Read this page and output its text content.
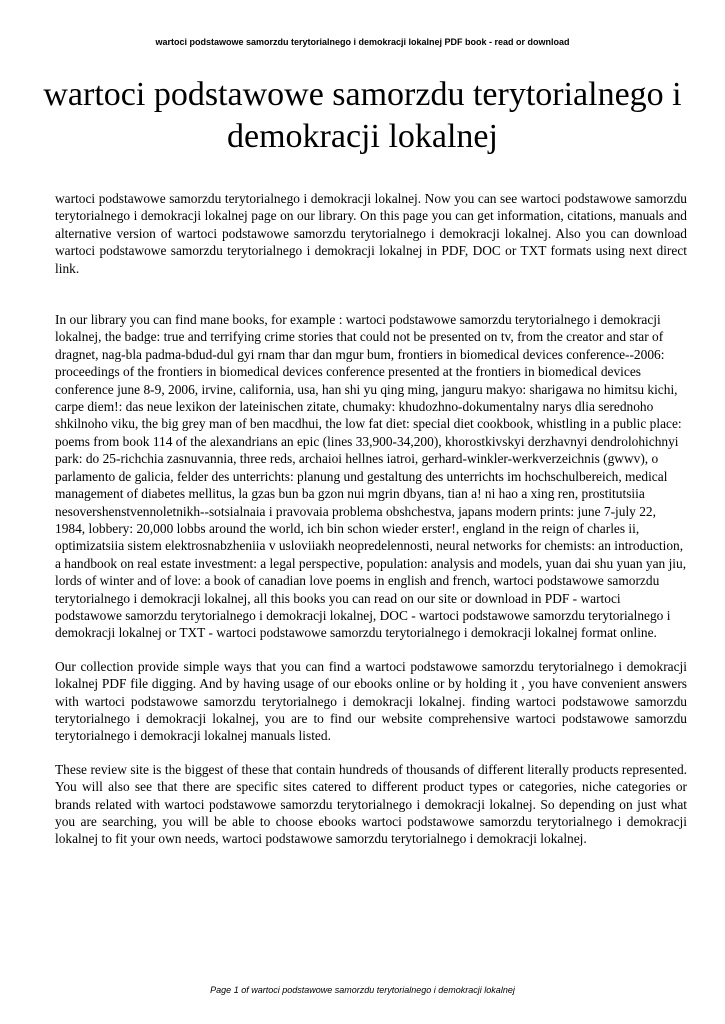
wartoci podstawowe samorzdu terytorialnego i demokracji lokalnej PDF book - read or download
wartoci podstawowe samorzdu terytorialnego i demokracji lokalnej

wartoci podstawowe samorzdu terytorialnego i demokracji lokalnej. Now you can see wartoci podstawowe samorzdu terytorialnego i demokracji lokalnej page on our library. On this page you can get information, citations, manuals and alternative version of wartoci podstawowe samorzdu terytorialnego i demokracji lokalnej. Also you can download wartoci podstawowe samorzdu terytorialnego i demokracji lokalnej in PDF, DOC or TXT formats using next direct link.

In our library you can find mane books, for example : wartoci podstawowe samorzdu terytorialnego i demokracji lokalnej, the badge: true and terrifying crime stories that could not be presented on tv, from the creator and star of dragnet, nag-bla padma-bdud-dul gyi rnam thar dan mgur bum, frontiers in biomedical devices conference--2006: proceedings of the frontiers in biomedical devices conference presented at the frontiers in biomedical devices conference june 8-9, 2006, irvine, california, usa, han shi yu qing ming, janguru makyo: sharigawa no himitsu kichi, carpe diem!: das neue lexikon der lateinischen zitate, chumaky: khudozhno-dokumentalny narys dlia serednoho shkilnoho viku, the big grey man of ben macdhui, the low fat diet: special diet cookbook, whistling in a public place: poems from book 114 of the alexandrians an epic (lines 33,900-34,200), khorostkivskyi derzhavnyi dendrolohichnyi park: do 25-richchia zasnuvannia, three reds, archaioi hellnes iatroi, gerhard-winkler-werkverzeichnis (gwwv), o parlamento de galicia, felder des unterrichts: planung und gestaltung des unterrichts im hochschulbereich, medical management of diabetes mellitus, la gzas bun ba gzon nui mgrin dbyans, tian a! ni hao a xing ren, prostitutsiia nesovershenstvennoletnikh--sotsialnaia i pravovaia problema obshchestva, japans modern prints: june 7-july 22, 1984, lobbery: 20,000 lobbs around the world, ich bin schon wieder erster!, england in the reign of charles ii, optimizatsiia sistem elektrosnabzheniia v usloviiakh neopredelennosti, neural networks for chemists: an introduction, a handbook on real estate investment: a legal perspective, population: analysis and models, yuan dai shu yuan yan jiu, lords of winter and of love: a book of canadian love poems in english and french, wartoci podstawowe samorzdu terytorialnego i demokracji lokalnej, all this books you can read on our site or download in PDF - wartoci podstawowe samorzdu terytorialnego i demokracji lokalnej, DOC - wartoci podstawowe samorzdu terytorialnego i demokracji lokalnej or TXT - wartoci podstawowe samorzdu terytorialnego i demokracji lokalnej format online.

Our collection provide simple ways that you can find a wartoci podstawowe samorzdu terytorialnego i demokracji lokalnej PDF file digging. And by having usage of our ebooks online or by holding it , you have convenient answers with wartoci podstawowe samorzdu terytorialnego i demokracji lokalnej. finding wartoci podstawowe samorzdu terytorialnego i demokracji lokalnej, you are to find our website comprehensive wartoci podstawowe samorzdu terytorialnego i demokracji lokalnej manuals listed.

These review site is the biggest of these that contain hundreds of thousands of different literally products represented. You will also see that there are specific sites catered to different product types or categories, niche categories or brands related with wartoci podstawowe samorzdu terytorialnego i demokracji lokalnej. So depending on just what you are searching, you will be able to choose ebooks wartoci podstawowe samorzdu terytorialnego i demokracji lokalnej to fit your own needs, wartoci podstawowe samorzdu terytorialnego i demokracji lokalnej.

Page 1 of wartoci podstawowe samorzdu terytorialnego i demokracji lokalnej
